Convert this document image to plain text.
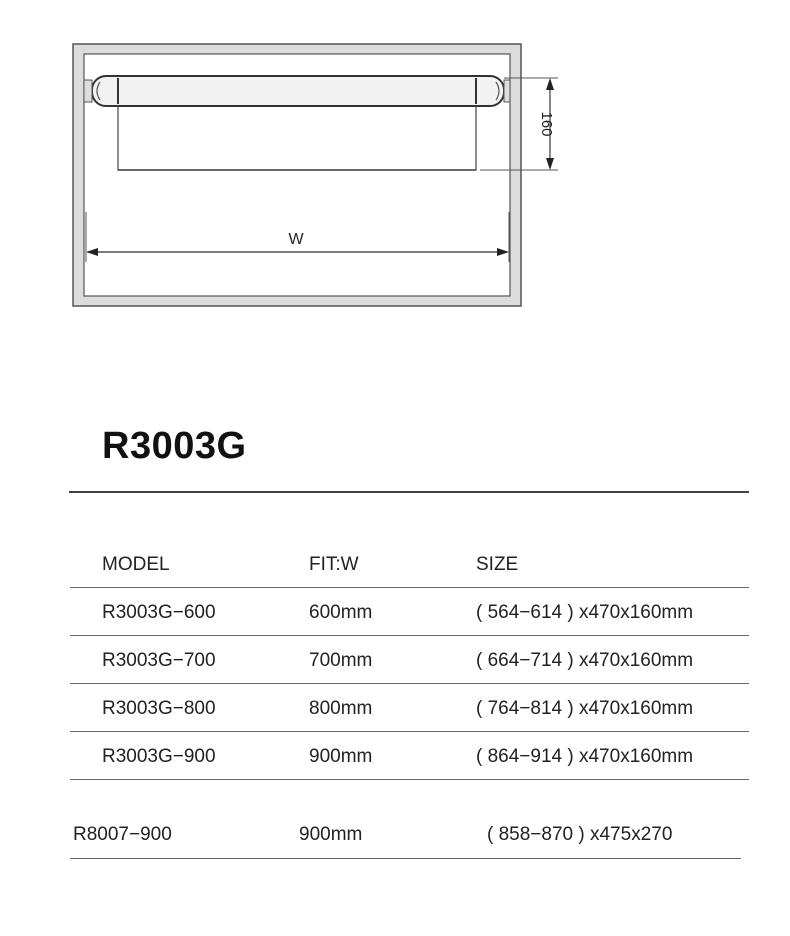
160
W
R3003G
MODEL	FIT:W	SIZE
R3003G−600	600mm	( 564−614 ) x470x160mm
R3003G−700	700mm	( 664−714 ) x470x160mm
R3003G−800	800mm	( 764−814 ) x470x160mm
R3003G−900	900mm	( 864−914 ) x470x160mm
R8007−900	900mm	( 858−870 ) x475x270
